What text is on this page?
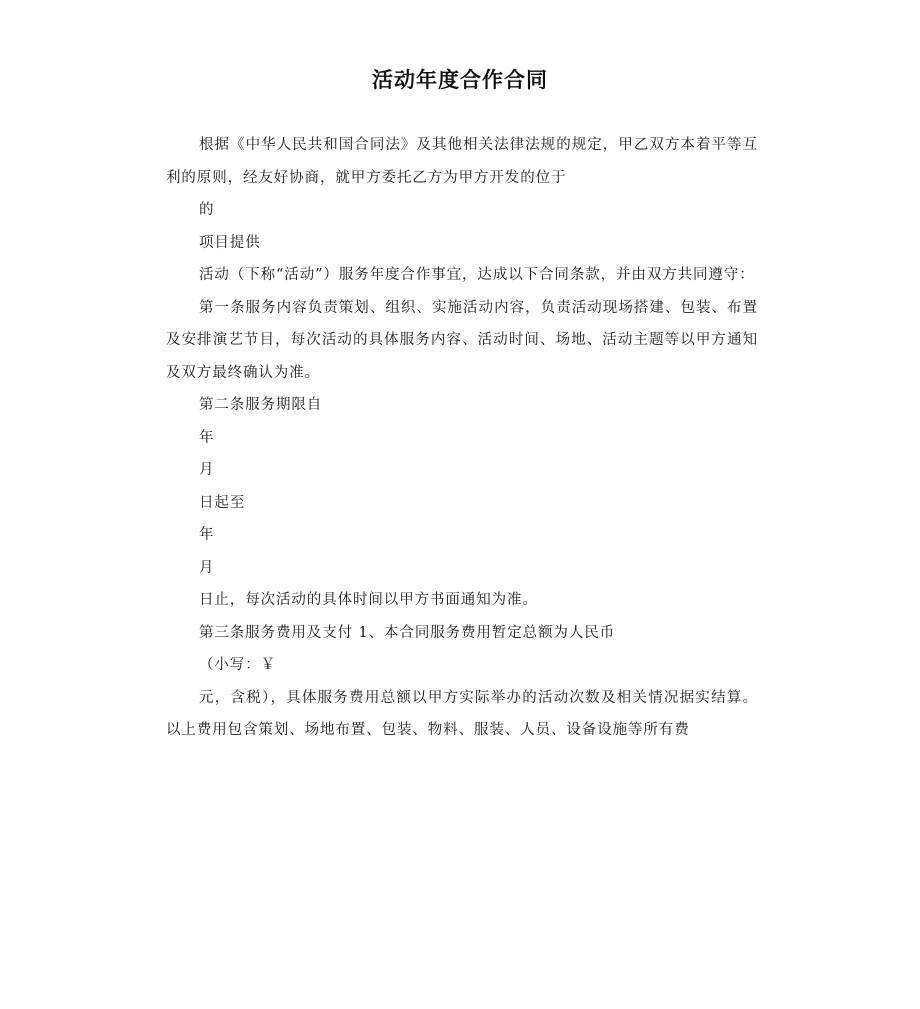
活动年度合作合同

根据《中华人民共和国合同法》及其他相关法律法规的规定，甲乙双方本着平等互利的原则，经友好协商，就甲方委托乙方为甲方开发的位于

的

项目提供

活动（下称“活动”）服务年度合作事宜，达成以下合同条款，并由双方共同遵守：

第一条服务内容负责策划、组织、实施活动内容，负责活动现场搭建、包装、布置及安排演艺节目，每次活动的具体服务内容、活动时间、场地、活动主题等以甲方通知及双方最终确认为准。

第二条服务期限自

年

月

日起至

年

月

日止，每次活动的具体时间以甲方书面通知为准。

第三条服务费用及支付 1、本合同服务费用暂定总额为人民币

（小写：￥

元，含税），具体服务费用总额以甲方实际举办的活动次数及相关情况据实结算。以上费用包含策划、场地布置、包装、物料、服装、人员、设备设施等所有费
